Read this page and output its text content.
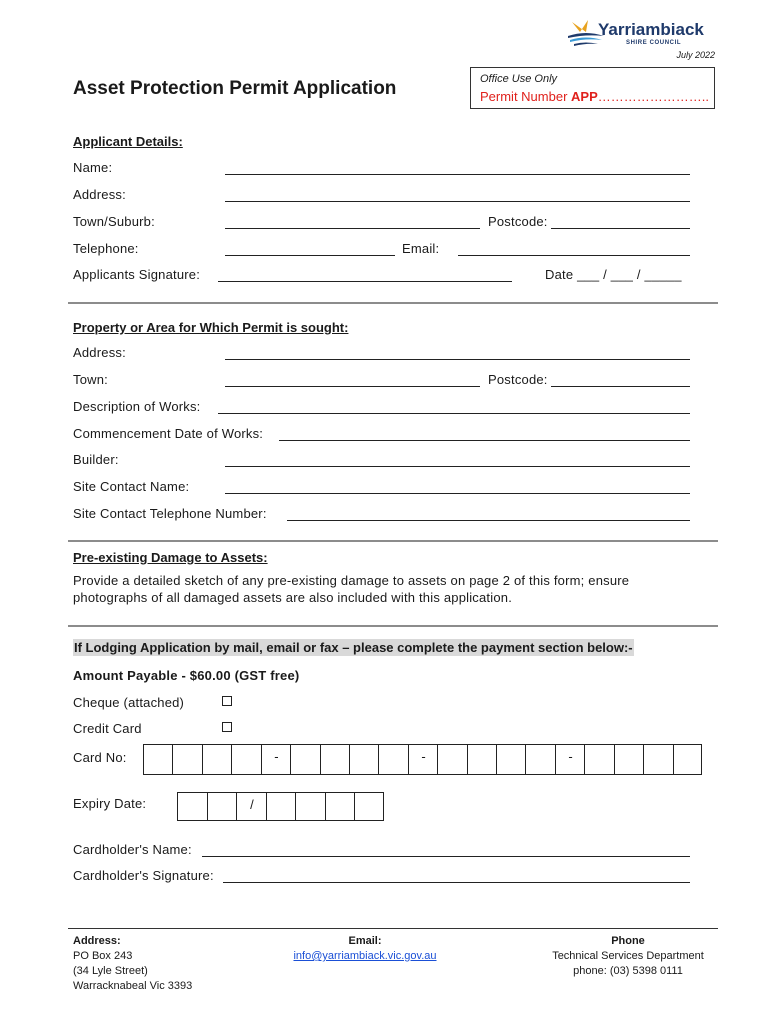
Yarriambiack
SHIRE COUNCIL
July 2022
Asset Protection Permit Application	Office Use Only
Permit Number APP……………………..
Applicant Details:
Name:
Address:
Town/Suburb:	Postcode:
Telephone:	Email:
Applicants Signature:	Date ___ / ___ / _____
Property or Area for Which Permit is sought:
Address:
Town:	Postcode:
Description of Works:
Commencement Date of Works:
Builder:
Site Contact Name:
Site Contact Telephone Number:
Pre-existing Damage to Assets:
Provide a detailed sketch of any pre-existing damage to assets on page 2 of this form; ensure
photographs of all damaged assets are also included with this application.
If Lodging Application by mail, email or fax – please complete the payment section below:-
Amount Payable - $60.00 (GST free)
Cheque (attached)
Credit Card
Card No:	-	-	-
Expiry Date:	/
Cardholder's Name:
Cardholder's Signature:
Address:
PO Box 243
(34 Lyle Street)
Warracknabeal Vic 3393
Email:
info@yarriambiack.vic.gov.au
Phone
Technical Services Department
phone: (03) 5398 0111
